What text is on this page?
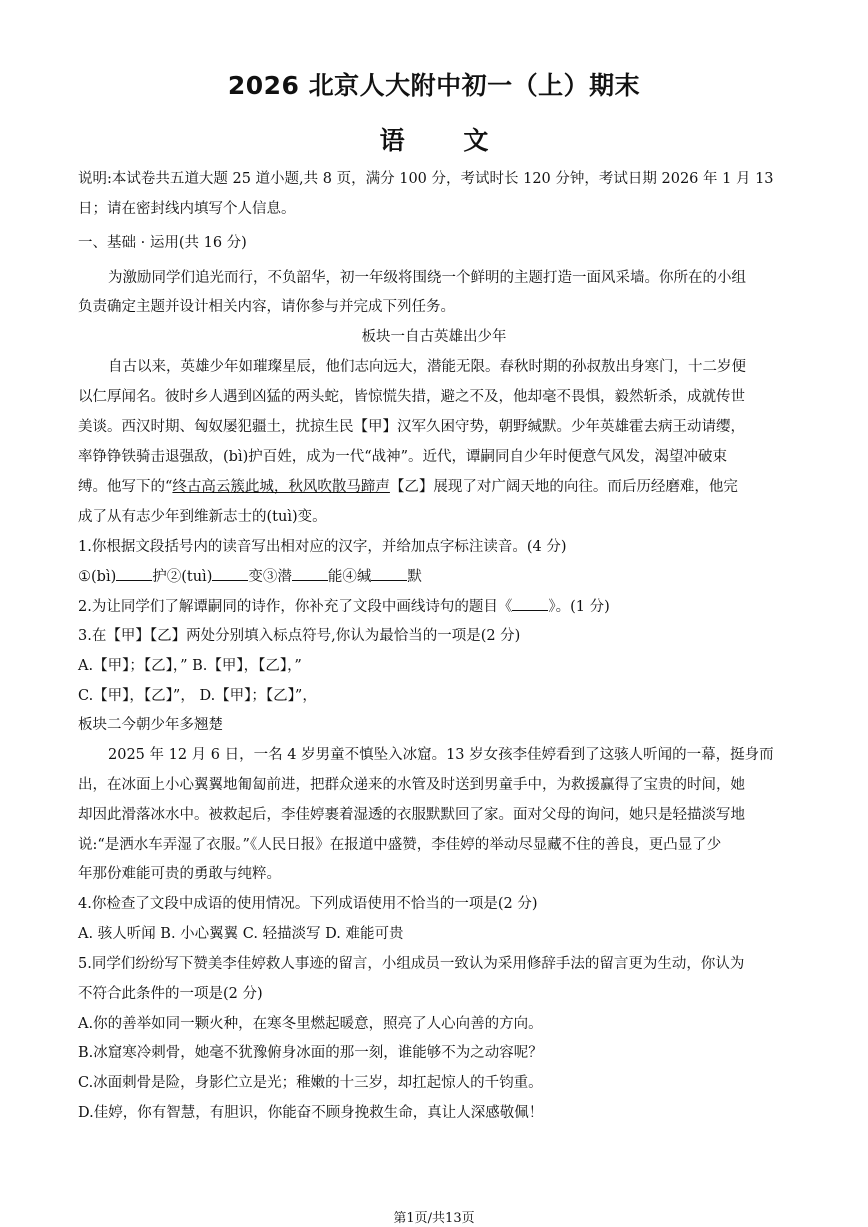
2026 北京人大附中初一（上）期末
语 文
说明:本试卷共五道大题 25 道小题,共 8 页，满分 100 分，考试时长 120 分钟，考试日期 2026 年 1 月 13
日；请在密封线内填写个人信息。
一、基础 · 运用(共 16 分)
为激励同学们追光而行，不负韶华，初一年级将围绕一个鲜明的主题打造一面风采墙。你所在的小组
负责确定主题并设计相关内容，请你参与并完成下列任务。
板块一自古英雄出少年
自古以来，英雄少年如璀璨星辰，他们志向远大，潜能无限。春秋时期的孙叔敖出身寒门，十二岁便
以仁厚闻名。彼时乡人遇到凶猛的两头蛇，皆惊慌失措，避之不及，他却毫不畏惧，毅然斩杀，成就传世
美谈。西汉时期、匈奴屡犯疆土，扰掠生民【甲】汉军久困守势，朝野缄默。少年英雄霍去病王动请缨，
率铮铮铁骑击退强敌，(bì)护百姓，成为一代“战神”。近代，谭嗣同自少年时便意气风发，渴望冲破束
缚。他写下的“终古高云簇此城，秋风吹散马蹄声【乙】展现了对广阔天地的向往。而后历经磨难，他完
成了从有志少年到维新志士的(tuì)变。
1.你根据文段括号内的读音写出相对应的汉字，并给加点字标注读音。(4 分)
①(bì) 护②(tuì) 变③潜 能④缄 默
2.为让同学们了解谭嗣同的诗作，你补充了文段中画线诗句的题目《 》。(1 分)
3.在【甲】【乙】两处分别填入标点符号,你认为最恰当的一项是(2 分)
A.【甲】；【乙】，” B.【甲】，【乙】，”
C.【甲】，【乙】”， D.【甲】；【乙】”，
板块二今朝少年多翘楚
2025 年 12 月 6 日，一名 4 岁男童不慎坠入冰窟。13 岁女孩李佳婷看到了这骇人听闻的一幕，挺身而
出，在冰面上小心翼翼地匍匐前进，把群众递来的水管及时送到男童手中，为救援赢得了宝贵的时间，她
却因此滑落冰水中。被救起后，李佳婷裹着湿透的衣服默默回了家。面对父母的询问，她只是轻描淡写地
说:“是洒水车弄湿了衣服。”《人民日报》在报道中盛赞，李佳婷的举动尽显藏不住的善良，更凸显了少
年那份难能可贵的勇敢与纯粹。
4.你检查了文段中成语的使用情况。下列成语使用不恰当的一项是(2 分)
A. 骇人听闻 B. 小心翼翼 C. 轻描淡写 D. 难能可贵
5.同学们纷纷写下赞美李佳婷救人事迹的留言，小组成员一致认为采用修辞手法的留言更为生动，你认为
不符合此条件的一项是(2 分)
A.你的善举如同一颗火种，在寒冬里燃起暖意，照亮了人心向善的方向。
B.冰窟寒冷刺骨，她毫不犹豫俯身冰面的那一刻，谁能够不为之动容呢？
C.冰面刺骨是险，身影伫立是光；稚嫩的十三岁，却扛起惊人的千钧重。
D.佳婷，你有智慧，有胆识，你能奋不顾身挽救生命，真让人深感敬佩！
第1页/共13页
